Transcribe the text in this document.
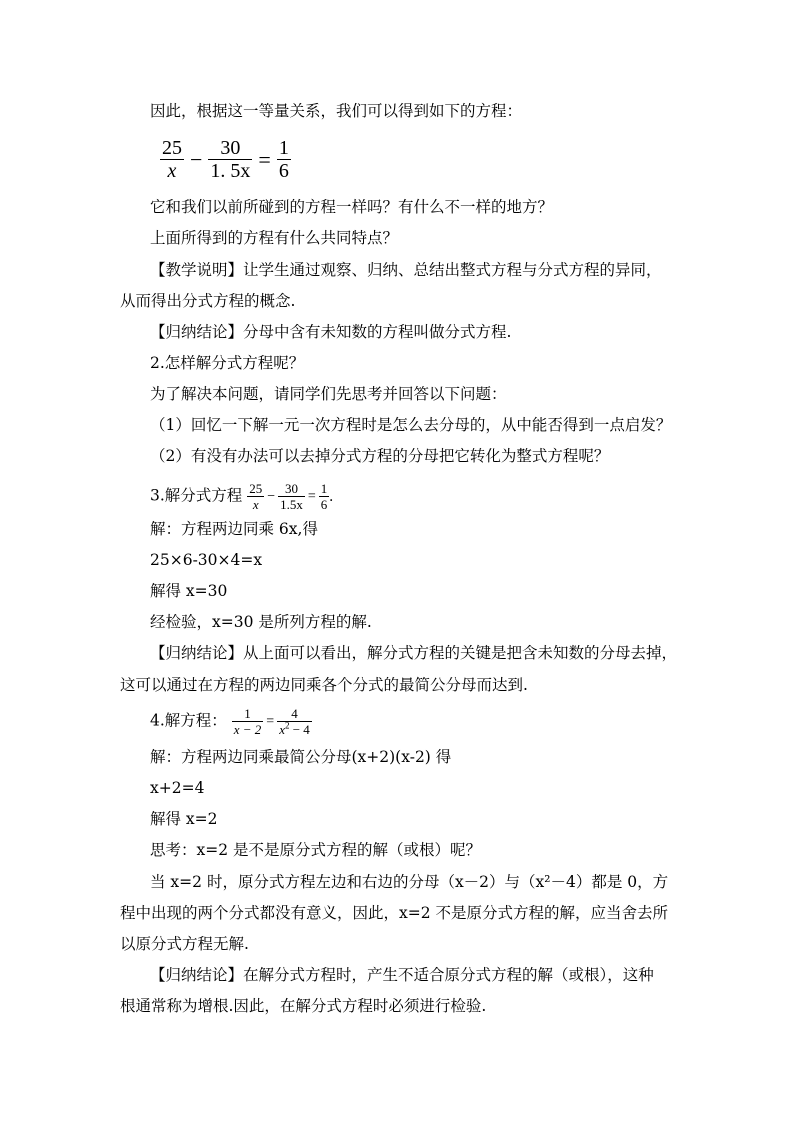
因此，根据这一等量关系，我们可以得到如下的方程：
$\frac{25}{x} - \frac{30}{1. 5x} = \frac{1}{6}$
它和我们以前所碰到的方程一样吗？有什么不一样的地方？
上面所得到的方程有什么共同特点？
【教学说明】让学生通过观察、归纳、总结出整式方程与分式方程的异同，
从而得出分式方程的概念.
【归纳结论】分母中含有未知数的方程叫做分式方程.
2.怎样解分式方程呢？
为了解决本问题，请同学们先思考并回答以下问题：
（1）回忆一下解一元一次方程时是怎么去分母的，从中能否得到一点启发？
（2）有没有办法可以去掉分式方程的分母把它转化为整式方程呢？
3.解分式方程 $\frac{25}{x} - \frac{30}{1.5x} = \frac{1}{6}$ .
解：方程两边同乘 6x,得
25×6-30×4=x
解得 x=30
经检验，x=30 是所列方程的解.
【归纳结论】从上面可以看出，解分式方程的关键是把含未知数的分母去掉，
这可以通过在方程的两边同乘各个分式的最简公分母而达到.
4.解方程： $\frac{1}{x - 2} = \frac{4}{x^2 - 4}$
解：方程两边同乘最简公分母(x+2)(x-2) 得
x+2=4
解得 x=2
思考：x=2 是不是原分式方程的解（或根）呢？
当 x=2 时，原分式方程左边和右边的分母（x－2）与（x²－4）都是 0，方
程中出现的两个分式都没有意义，因此，x=2 不是原分式方程的解，应当舍去所
以原分式方程无解.
【归纳结论】在解分式方程时，产生不适合原分式方程的解（或根），这种
根通常称为增根.因此，在解分式方程时必须进行检验.
